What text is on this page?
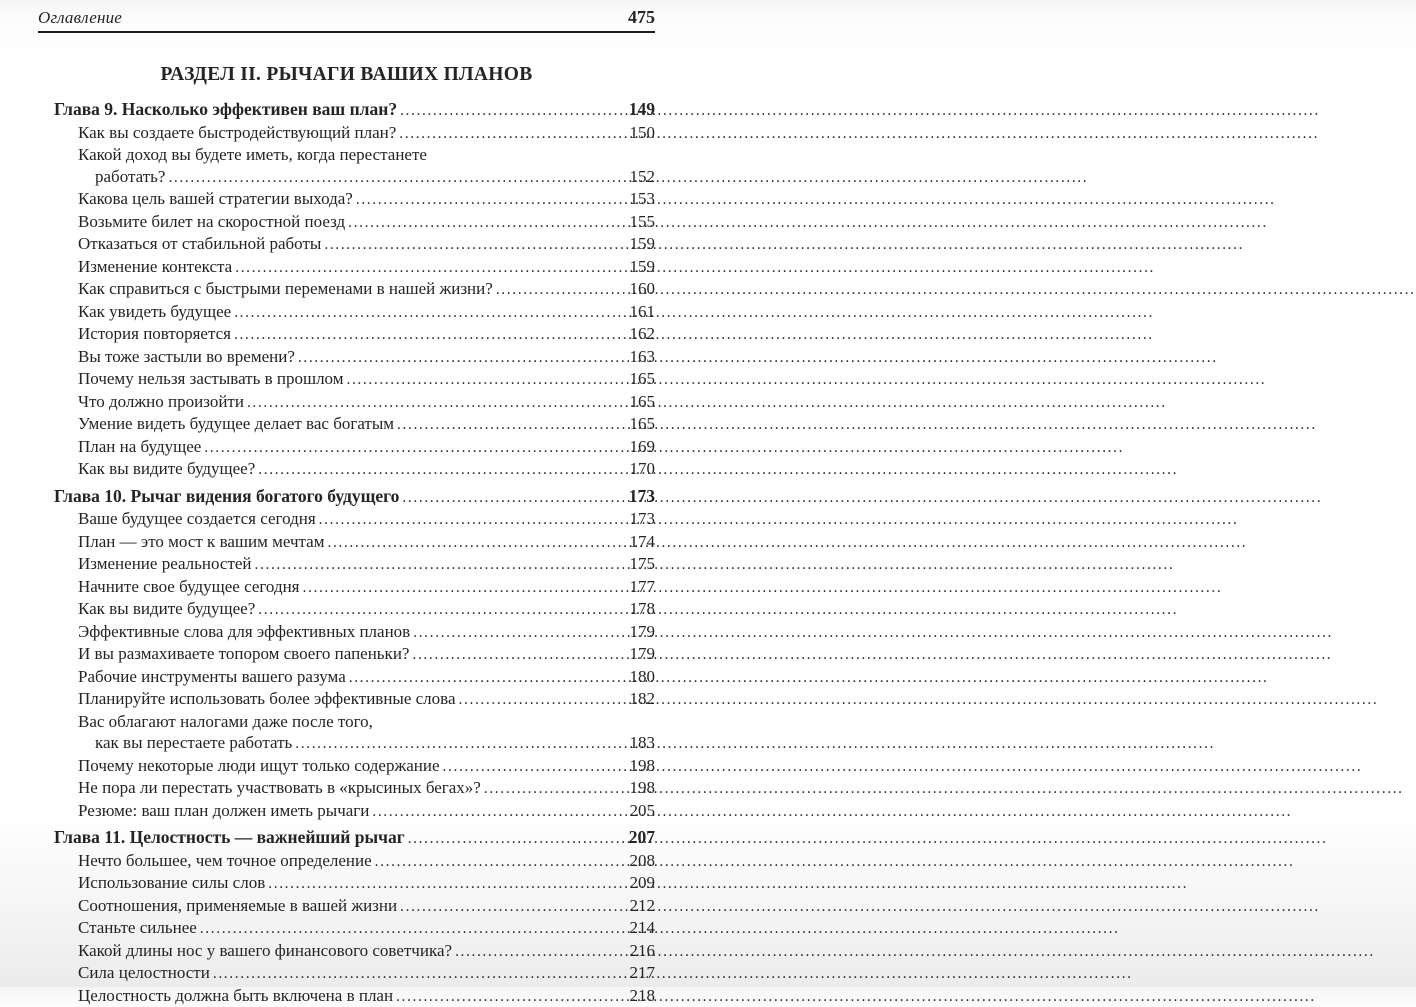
Оглавление	475
РАЗДЕЛ II. РЫЧАГИ ВАШИХ ПЛАНОВ
Глава 9. Насколько эффективен ваш план? .....	149
Как вы создаете быстродействующий план? .....	150
Какой доход вы будете иметь, когда перестанете
работать? .....	152
Какова цель вашей стратегии выхода? .....	153
Возьмите билет на скоростной поезд .....	155
Отказаться от стабильной работы .....	159
Изменение контекста .....	159
Как справиться с быстрыми переменами в нашей жизни? .....	160
Как увидеть будущее .....	161
История повторяется .....	162
Вы тоже застыли во времени? .....	163
Почему нельзя застывать в прошлом .....	165
Что должно произойти .....	165
Умение видеть будущее делает вас богатым .....	165
План на будущее .....	169
Как вы видите будущее? .....	170
Глава 10. Рычаг видения богатого будущего .....	173
Ваше будущее создается сегодня .....	173
План — это мост к вашим мечтам .....	174
Изменение реальностей .....	175
Начните свое будущее сегодня .....	177
Как вы видите будущее? .....	178
Эффективные слова для эффективных планов .....	179
И вы размахиваете топором своего папеньки? .....	179
Рабочие инструменты вашего разума .....	180
Планируйте использовать более эффективные слова .....	182
Вас облагают налогами даже после того,
как вы перестаете работать .....	183
Почему некоторые люди ищут только содержание .....	198
Не пора ли перестать участвовать в «крысиных бегах»? .....	198
Резюме: ваш план должен иметь рычаги .....	205
Глава 11. Целостность — важнейший рычаг .....	207
Нечто большее, чем точное определение .....	208
Использование силы слов .....	209
Соотношения, применяемые в вашей жизни .....	212
Станьте сильнее .....	214
Какой длины нос у вашего финансового советчика? .....	216
Сила целостности .....	217
Целостность должна быть включена в план .....	218
